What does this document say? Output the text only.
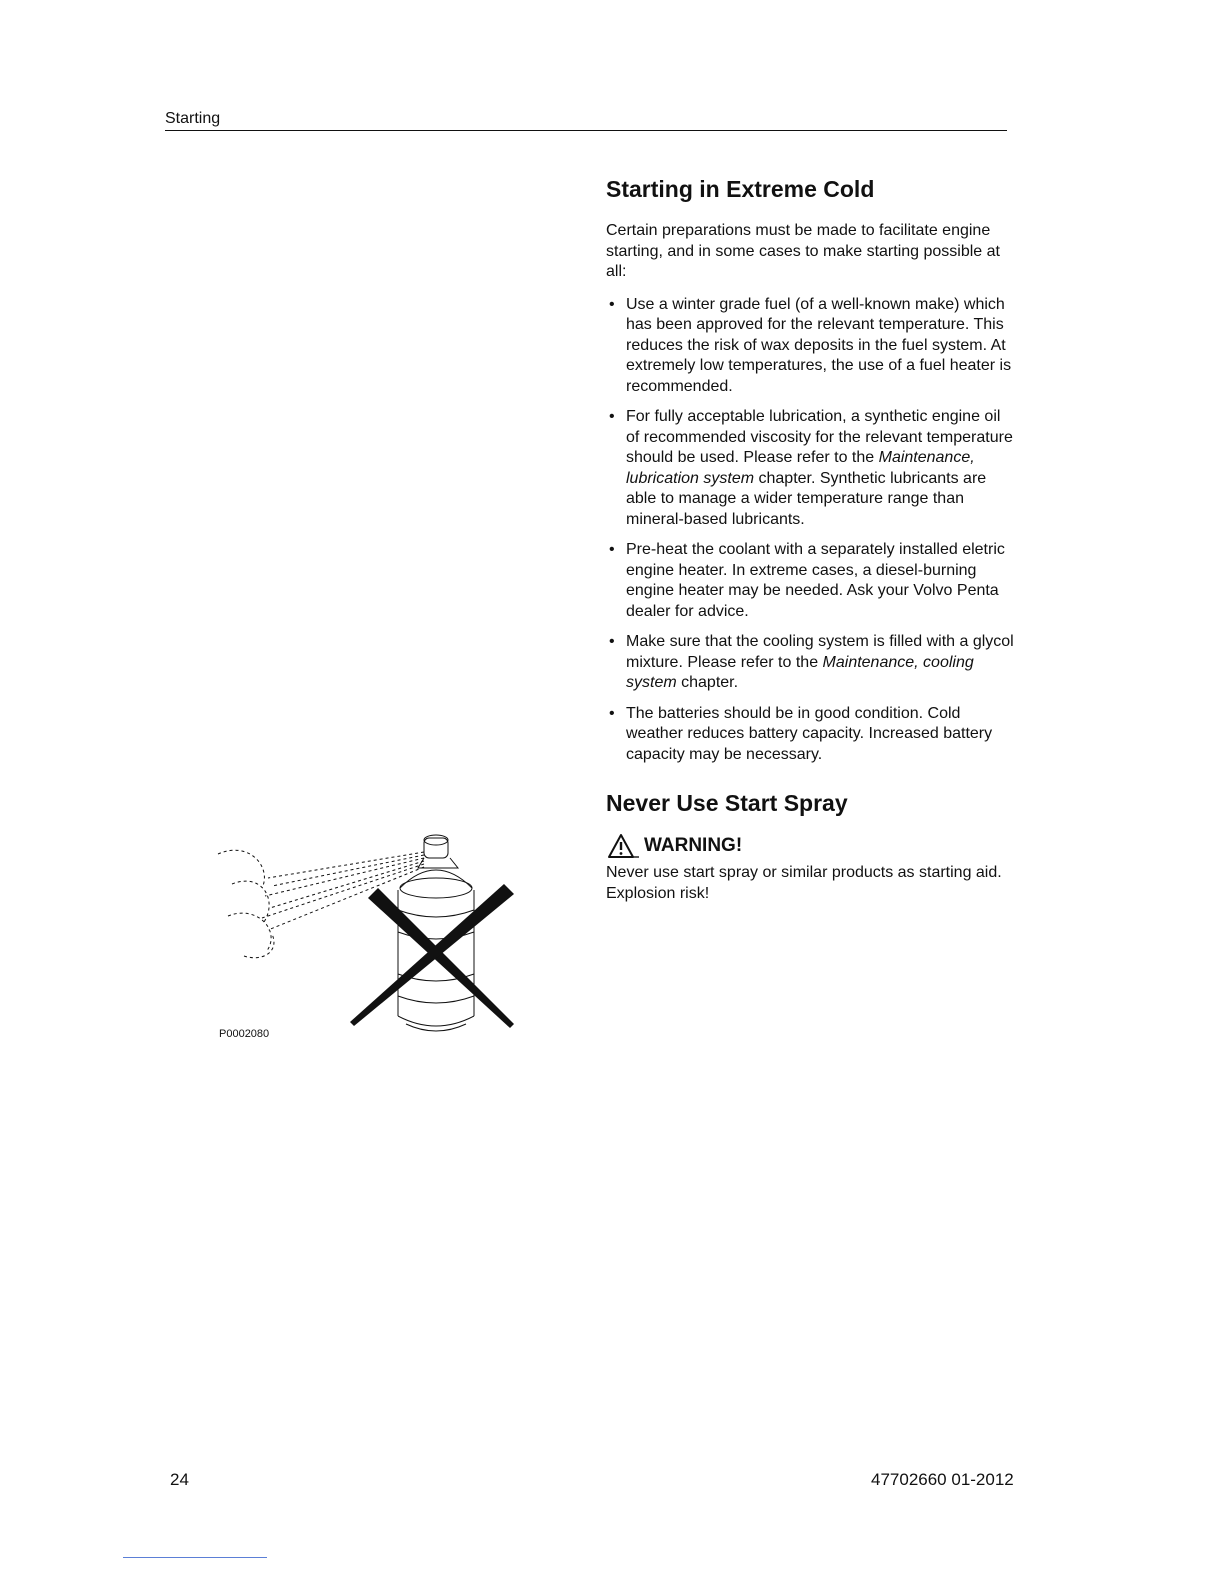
Starting
Starting in Extreme Cold

Certain preparations must be made to facilitate engine starting, and in some cases to make starting possible at all:

• Use a winter grade fuel (of a well-known make) which has been approved for the relevant temperature. This reduces the risk of wax deposits in the fuel system. At extremely low temperatures, the use of a fuel heater is recommended.
• For fully acceptable lubrication, a synthetic engine oil of recommended viscosity for the relevant temperature should be used. Please refer to the Maintenance, lubrication system chapter. Synthetic lubricants are able to manage a wider temperature range than mineral-based lubricants.
• Pre-heat the coolant with a separately installed eletric engine heater. In extreme cases, a diesel-burning engine heater may be needed. Ask your Volvo Penta dealer for advice.
• Make sure that the cooling system is filled with a glycol mixture. Please refer to the Maintenance, cooling system chapter.
• The batteries should be in good condition. Cold weather reduces battery capacity. Increased battery capacity may be necessary.
Never Use Start Spray
WARNING!

Never use start spray or similar products as starting aid. Explosion risk!

P0002080
24	47702660 01-2012
